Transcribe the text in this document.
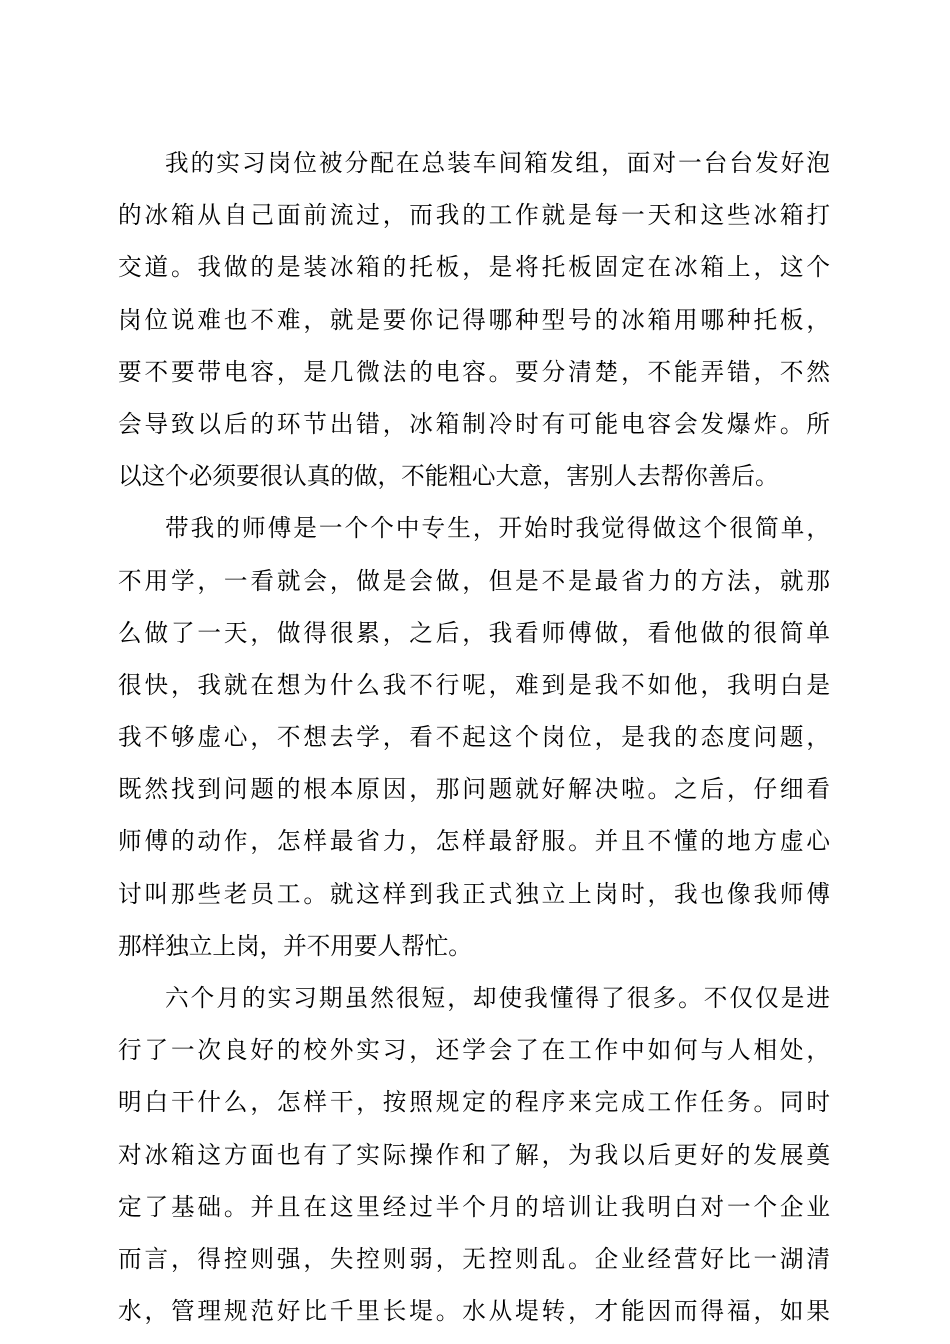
我的实习岗位被分配在总装车间箱发组，面对一台台发好泡
的冰箱从自己面前流过，而我的工作就是每一天和这些冰箱打
交道。我做的是装冰箱的托板，是将托板固定在冰箱上，这个
岗位说难也不难，就是要你记得哪种型号的冰箱用哪种托板，
要不要带电容，是几微法的电容。要分清楚，不能弄错，不然
会导致以后的环节出错，冰箱制冷时有可能电容会发爆炸。所
以这个必须要很认真的做，不能粗心大意，害别人去帮你善后。
带我的师傅是一个个中专生，开始时我觉得做这个很简单，
不用学，一看就会，做是会做，但是不是最省力的方法，就那
么做了一天，做得很累，之后，我看师傅做，看他做的很简单
很快，我就在想为什么我不行呢，难到是我不如他，我明白是
我不够虚心，不想去学，看不起这个岗位，是我的态度问题，
既然找到问题的根本原因，那问题就好解决啦。之后，仔细看
师傅的动作，怎样最省力，怎样最舒服。并且不懂的地方虚心
讨叫那些老员工。就这样到我正式独立上岗时，我也像我师傅
那样独立上岗，并不用要人帮忙。
六个月的实习期虽然很短，却使我懂得了很多。不仅仅是进
行了一次良好的校外实习，还学会了在工作中如何与人相处，
明白干什么，怎样干，按照规定的程序来完成工作任务。同时
对冰箱这方面也有了实际操作和了解，为我以后更好的发展奠
定了基础。并且在这里经过半个月的培训让我明白对一个企业
而言，得控则强，失控则弱，无控则乱。企业经营好比一湖清
水，管理规范好比千里长堤。水从堤转，才能因而得福，如果
